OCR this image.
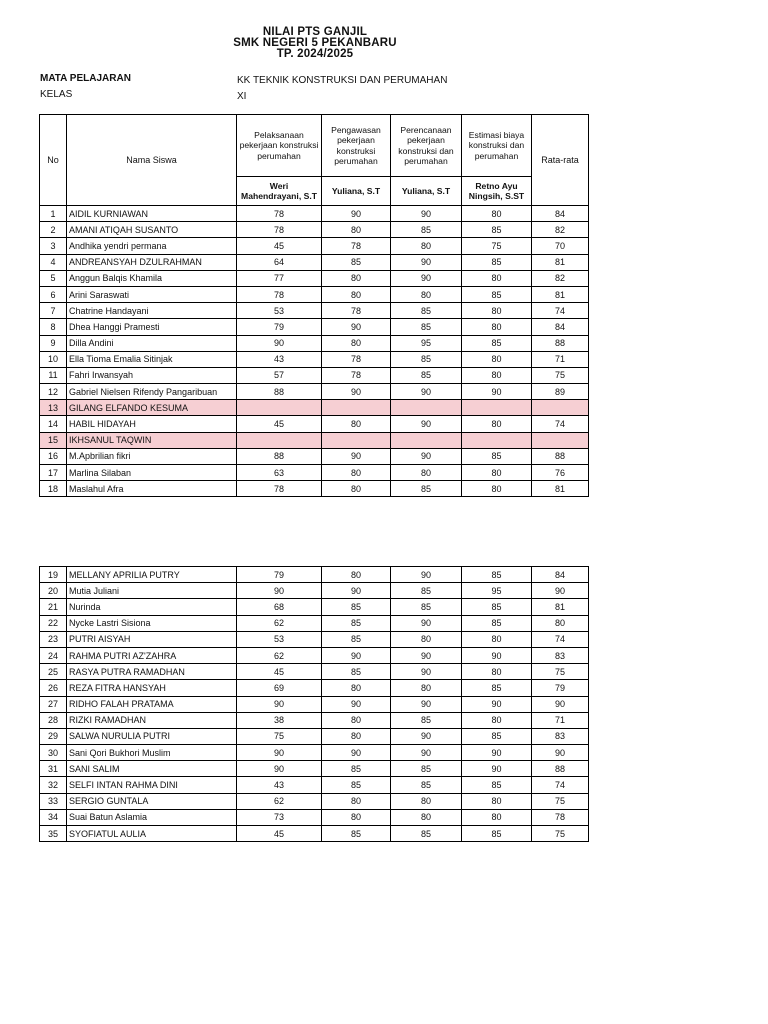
NILAI PTS GANJIL
SMK NEGERI 5 PEKANBARU
TP. 2024/2025
MATA PELAJARAN	KK TEKNIK KONSTRUKSI DAN PERUMAHAN
KELAS	XI
No	Nama Siswa	Pelaksanaan pekerjaan konstruksi perumahan	Pengawasan pekerjaan konstruksi perumahan	Perencanaan pekerjaan konstruksi dan perumahan	Estimasi biaya konstruksi dan perumahan	Rata-rata
		Weri Mahendrayani, S.T	Yuliana, S.T	Yuliana, S.T	Retno Ayu Ningsih, S.ST	
1	AIDIL KURNIAWAN	78	90	90	80	84
2	AMANI ATIQAH SUSANTO	78	80	85	85	82
3	Andhika yendri permana	45	78	80	75	70
4	ANDREANSYAH DZULRAHMAN	64	85	90	85	81
5	Anggun Balqis Khamila	77	80	90	80	82
6	Arini Saraswati	78	80	80	85	81
7	Chatrine Handayani	53	78	85	80	74
8	Dhea Hanggi Pramesti	79	90	85	80	84
9	Dilla Andini	90	80	95	85	88
10	Ella Tioma Emalia Sitinjak	43	78	85	80	71
11	Fahri Irwansyah	57	78	85	80	75
12	Gabriel Nielsen Rifendy Pangaribuan	88	90	90	90	89
13	GILANG ELFANDO KESUMA					
14	HABIL HIDAYAH	45	80	90	80	74
15	IKHSANUL TAQWIN					
16	M.Apbrilian fikri	88	90	90	85	88
17	Marlina Silaban	63	80	80	80	76
18	Maslahul Afra	78	80	85	80	81
19	MELLANY APRILIA PUTRY	79	80	90	85	84
20	Mutia Juliani	90	90	85	95	90
21	Nurinda	68	85	85	85	81
22	Nycke Lastri Sisiona	62	85	90	85	80
23	PUTRI AISYAH	53	85	80	80	74
24	RAHMA PUTRI AZ'ZAHRA	62	90	90	90	83
25	RASYA PUTRA RAMADHAN	45	85	90	80	75
26	REZA FITRA HANSYAH	69	80	80	85	79
27	RIDHO FALAH PRATAMA	90	90	90	90	90
28	RIZKI RAMADHAN	38	80	85	80	71
29	SALWA NURULIA PUTRI	75	80	90	85	83
30	Sani Qori Bukhori Muslim	90	90	90	90	90
31	SANI SALIM	90	85	85	90	88
32	SELFI INTAN RAHMA DINI	43	85	85	85	74
33	SERGIO GUNTALA	62	80	80	80	75
34	Suai Batun Aslamia	73	80	80	80	78
35	SYOFIATUL AULIA	45	85	85	85	75
